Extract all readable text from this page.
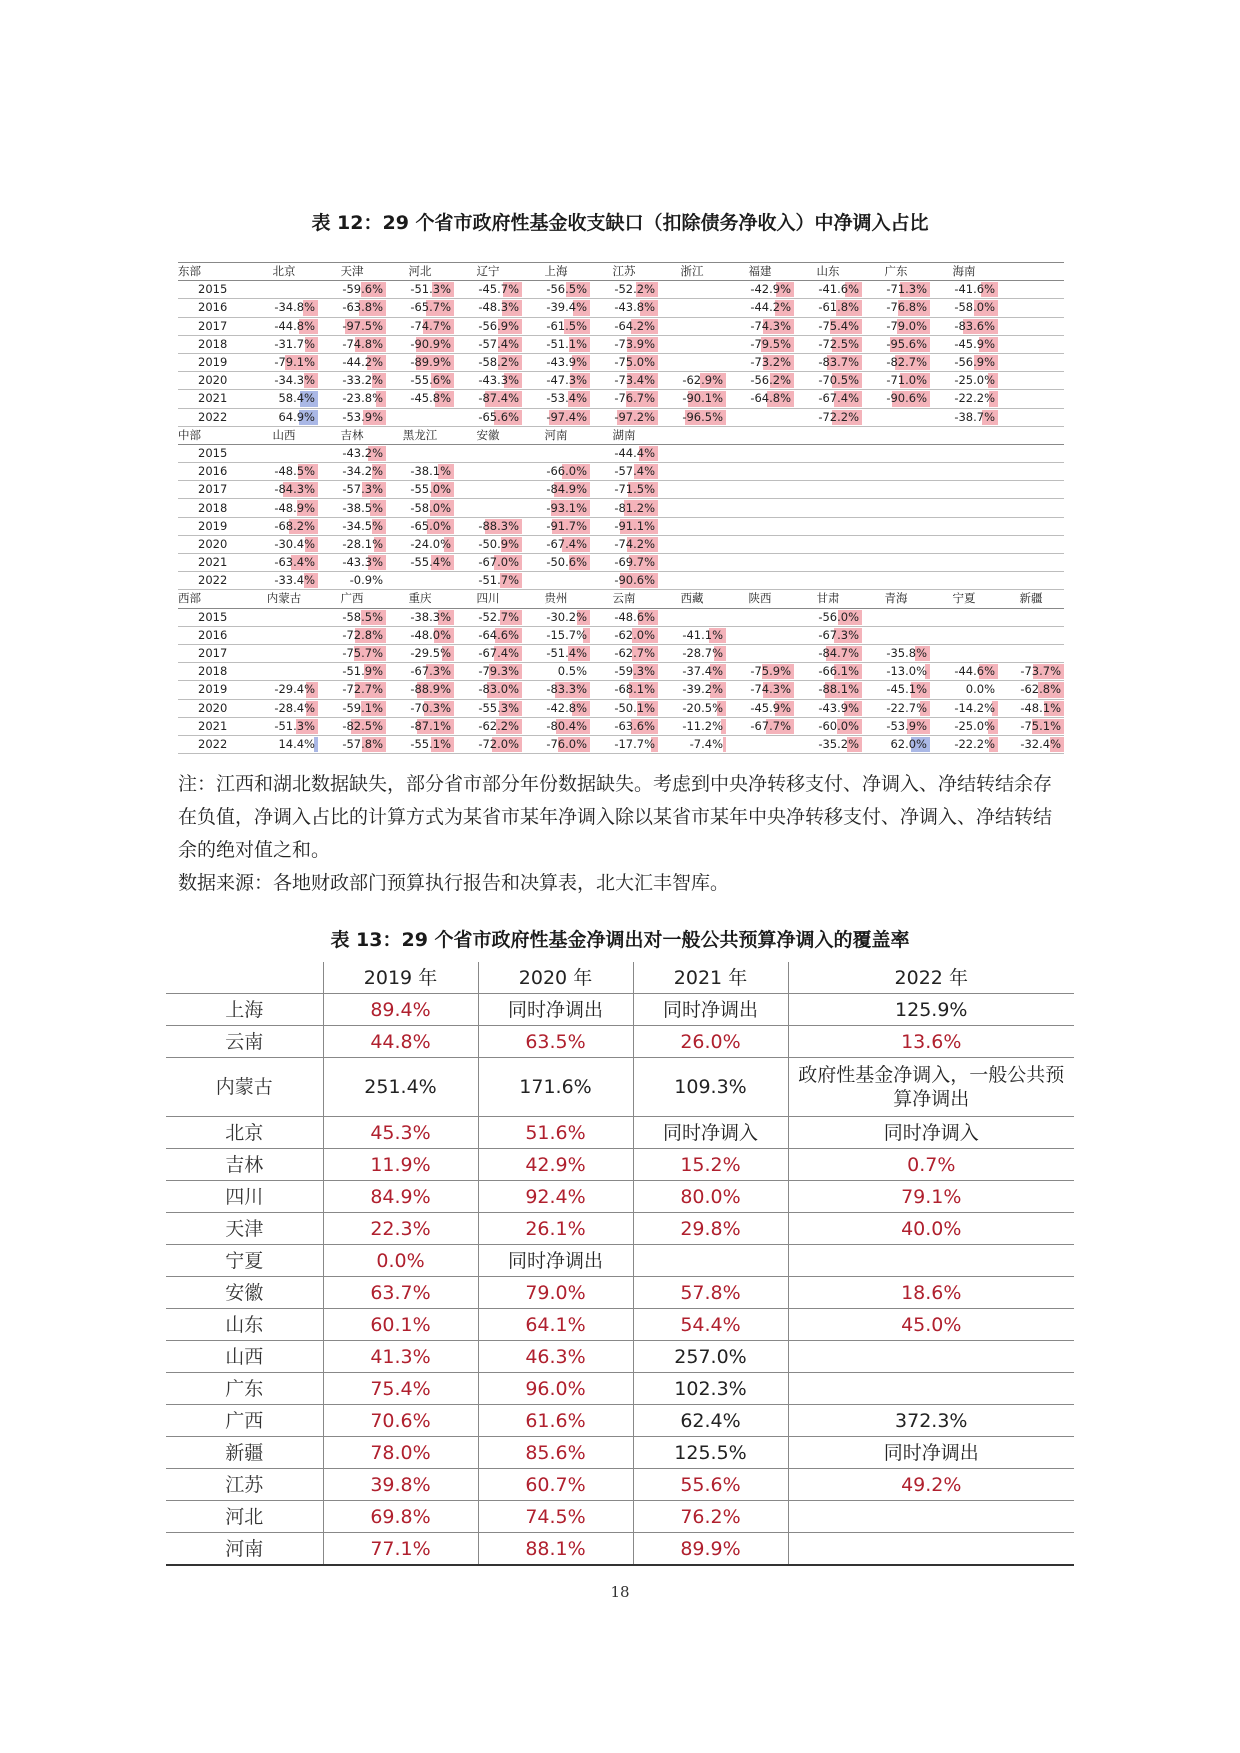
表 12：29 个省市政府性基金收支缺口（扣除债务净收入）中净调入占比
东部	北京	天津	河北	辽宁	上海	江苏	浙江	福建	山东	广东	海南	
2015		-59.6%	-51.3%	-45.7%	-56.5%	-52.2%		-42.9%	-41.6%	-71.3%	-41.6%	
2016	-34.8%	-63.8%	-65.7%	-48.3%	-39.4%	-43.8%		-44.2%	-61.8%	-76.8%	-58.0%	
2017	-44.8%	-97.5%	-74.7%	-56.9%	-61.5%	-64.2%		-74.3%	-75.4%	-79.0%	-83.6%	
2018	-31.7%	-74.8%	-90.9%	-57.4%	-51.1%	-73.9%		-79.5%	-72.5%	-95.6%	-45.9%	
2019	-79.1%	-44.2%	-89.9%	-58.2%	-43.9%	-75.0%		-73.2%	-83.7%	-82.7%	-56.9%	
2020	-34.3%	-33.2%	-55.6%	-43.3%	-47.3%	-73.4%	-62.9%	-56.2%	-70.5%	-71.0%	-25.0%	
2021	58.4%	-23.8%	-45.8%	-87.4%	-53.4%	-76.7%	-90.1%	-64.8%	-67.4%	-90.6%	-22.2%	
2022	64.9%	-53.9%		-65.6%	-97.4%	-97.2%	-96.5%		-72.2%		-38.7%	
中部	山西	吉林	黑龙江	安徽	河南	湖南						
2015		-43.2%				-44.4%						
2016	-48.5%	-34.2%	-38.1%		-66.0%	-57.4%						
2017	-84.3%	-57.3%	-55.0%		-84.9%	-71.5%						
2018	-48.9%	-38.5%	-58.0%		-93.1%	-81.2%						
2019	-68.2%	-34.5%	-65.0%	-88.3%	-91.7%	-91.1%						
2020	-30.4%	-28.1%	-24.0%	-50.9%	-67.4%	-74.2%						
2021	-63.4%	-43.3%	-55.4%	-67.0%	-50.6%	-69.7%						
2022	-33.4%	-0.9%		-51.7%		-90.6%						
西部	内蒙古	广西	重庆	四川	贵州	云南	西藏	陕西	甘肃	青海	宁夏	新疆
2015		-58.5%	-38.3%	-52.7%	-30.2%	-48.6%			-56.0%			
2016		-72.8%	-48.0%	-64.6%	-15.7%	-62.0%	-41.1%		-67.3%			
2017		-75.7%	-29.5%	-67.4%	-51.4%	-62.7%	-28.7%		-84.7%	-35.8%		
2018		-51.9%	-67.3%	-79.3%	0.5%	-59.3%	-37.4%	-75.9%	-66.1%	-13.0%	-44.6%	-73.7%
2019	-29.4%	-72.7%	-88.9%	-83.0%	-83.3%	-68.1%	-39.2%	-74.3%	-88.1%	-45.1%	0.0%	-62.8%
2020	-28.4%	-59.1%	-70.3%	-55.3%	-42.8%	-50.1%	-20.5%	-45.9%	-43.9%	-22.7%	-14.2%	-48.1%
2021	-51.3%	-82.5%	-87.1%	-62.2%	-80.4%	-63.6%	-11.2%	-67.7%	-60.0%	-53.9%	-25.0%	-75.1%
2022	14.4%	-57.8%	-55.1%	-72.0%	-76.0%	-17.7%	-7.4%		-35.2%	62.0%	-22.2%	-32.4%
注：江西和湖北数据缺失，部分省市部分年份数据缺失。考虑到中央净转移支付、净调入、净结转结余存在负值，净调入占比的计算方式为某省市某年净调入除以某省市某年中央净转移支付、净调入、净结转结余的绝对值之和。
数据来源：各地财政部门预算执行报告和决算表，北大汇丰智库。
表 13：29 个省市政府性基金净调出对一般公共预算净调入的覆盖率
	2019 年	2020 年	2021 年	2022 年
上海	89.4%	同时净调出	同时净调出	125.9%
云南	44.8%	63.5%	26.0%	13.6%
内蒙古	251.4%	171.6%	109.3%	政府性基金净调入，一般公共预算净调出
北京	45.3%	51.6%	同时净调入	同时净调入
吉林	11.9%	42.9%	15.2%	0.7%
四川	84.9%	92.4%	80.0%	79.1%
天津	22.3%	26.1%	29.8%	40.0%
宁夏	0.0%	同时净调出		
安徽	63.7%	79.0%	57.8%	18.6%
山东	60.1%	64.1%	54.4%	45.0%
山西	41.3%	46.3%	257.0%	
广东	75.4%	96.0%	102.3%	
广西	70.6%	61.6%	62.4%	372.3%
新疆	78.0%	85.6%	125.5%	同时净调出
江苏	39.8%	60.7%	55.6%	49.2%
河北	69.8%	74.5%	76.2%	
河南	77.1%	88.1%	89.9%	
18
